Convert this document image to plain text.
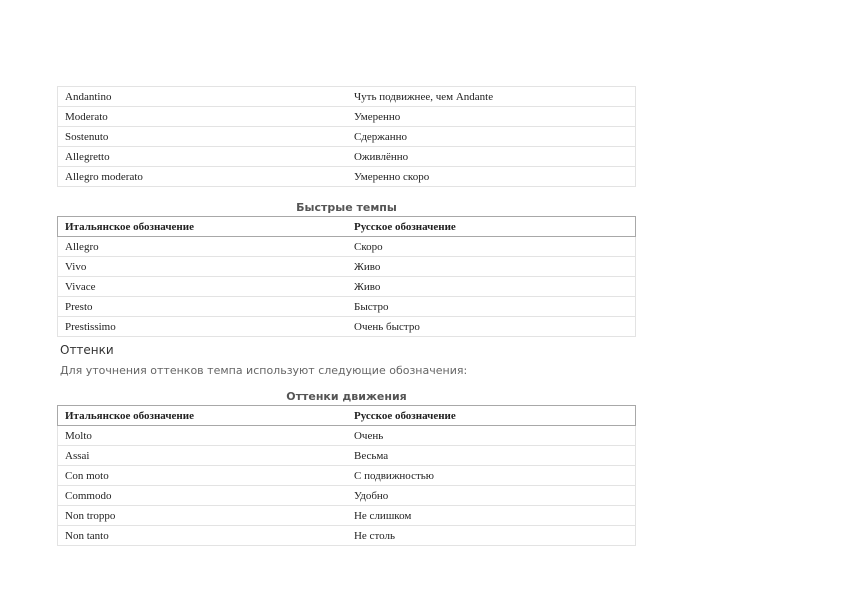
Andantino	Чуть подвижнее, чем Andante
Moderato	Умеренно
Sostenuto	Сдержанно
Allegretto	Оживлённо
Allegro moderato	Умеренно скоро
Быстрые темпы
Итальянское обозначение	Русское обозначение
Allegro	Скоро
Vivo	Живо
Vivace	Живо
Presto	Быстро
Prestissimo	Очень быстро
Оттенки
Для уточнения оттенков темпа используют следующие обозначения:
Оттенки движения
Итальянское обозначение	Русское обозначение
Molto	Очень
Assai	Весьма
Con moto	С подвижностью
Commodo	Удобно
Non troppo	Не слишком
Non tanto	Не столь
